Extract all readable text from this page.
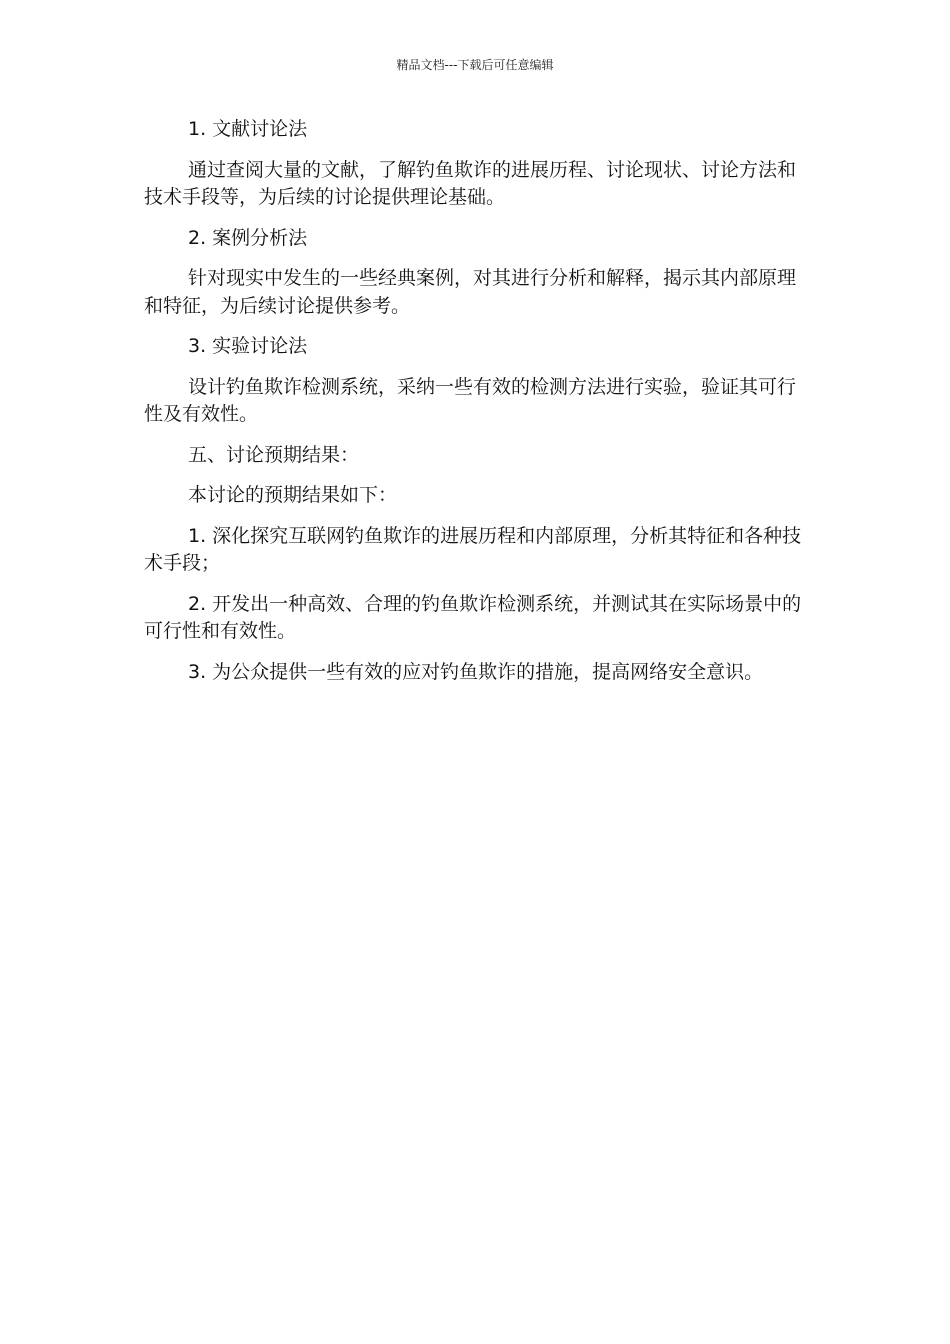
精品文档---下载后可任意编辑

1. 文献讨论法

通过查阅大量的文献，了解钓鱼欺诈的进展历程、讨论现状、讨论方法和技术手段等，为后续的讨论提供理论基础。

2. 案例分析法

针对现实中发生的一些经典案例，对其进行分析和解释，揭示其内部原理和特征，为后续讨论提供参考。

3. 实验讨论法

设计钓鱼欺诈检测系统，采纳一些有效的检测方法进行实验，验证其可行性及有效性。

五、讨论预期结果：

本讨论的预期结果如下：

1. 深化探究互联网钓鱼欺诈的进展历程和内部原理，分析其特征和各种技术手段；

2. 开发出一种高效、合理的钓鱼欺诈检测系统，并测试其在实际场景中的可行性和有效性。

3. 为公众提供一些有效的应对钓鱼欺诈的措施，提高网络安全意识。
